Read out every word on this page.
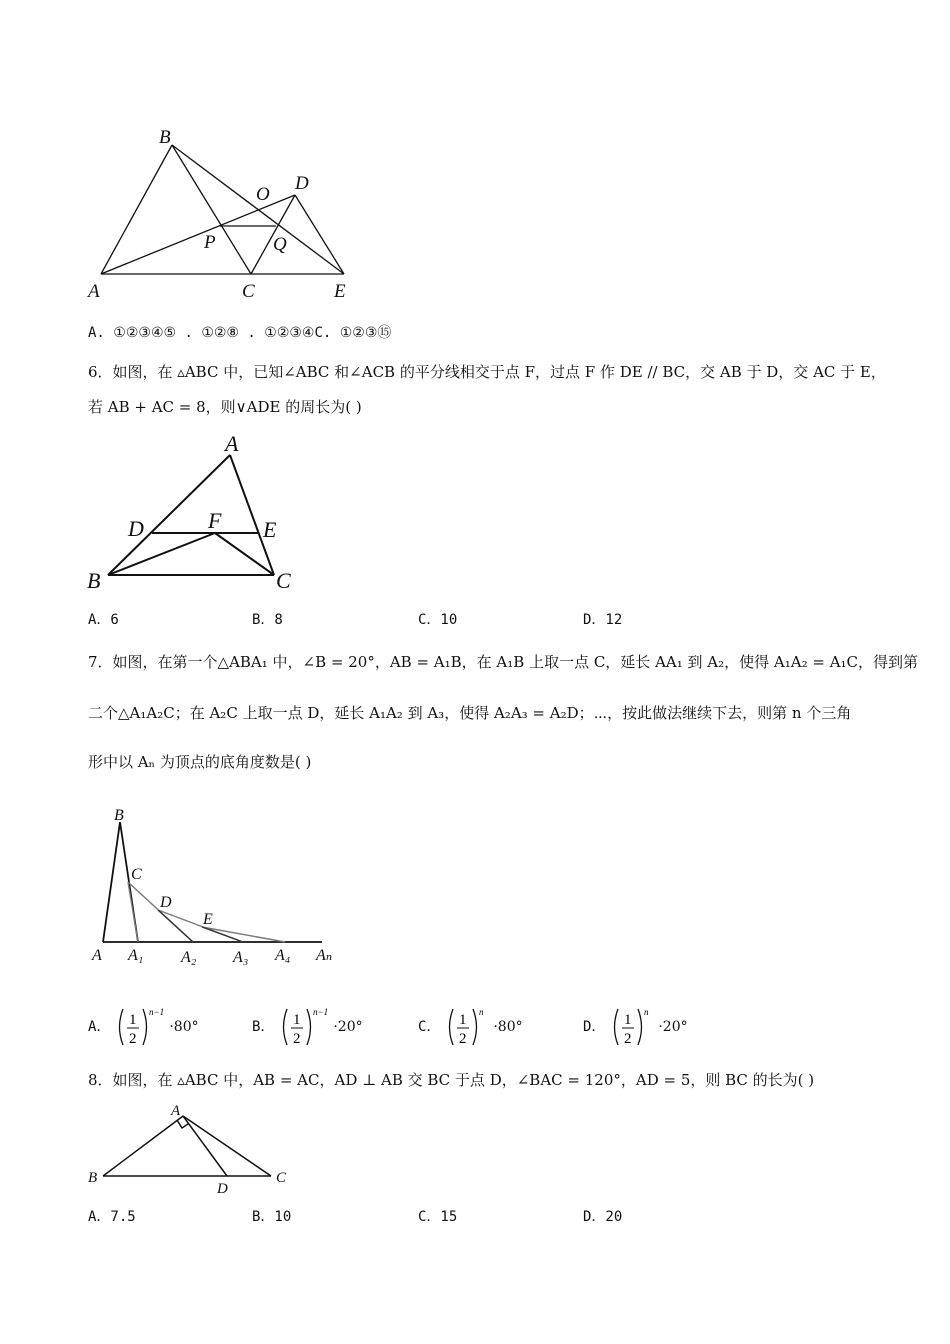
B
O
D
P	Q
A	C	E
A. ①②③④⑤ . ①②⑧ . ①②③④C. ①②③⑮
6．如图，在 ▵ABC 中，已知∠ABC 和∠ACB 的平分线相交于点 F，过点 F 作 DE // BC，交 AB 于 D，交 AC 于 E，
若 AB + AC = 8，则∨ADE 的周长为( )
A
D	F E
B	C
A．6	B．8	C．10	D．12
7．如图，在第一个△ABA₁ 中，∠B = 20°，AB = A₁B，在 A₁B 上取一点 C，延长 AA₁ 到 A₂，使得 A₁A₂ = A₁C，得到第
二个△A₁A₂C；在 A₂C 上取一点 D，延长 A₁A₂ 到 A₃，使得 A₂A₃ = A₂D；⋯，按此做法继续下去，则第 n 个三角
形中以 Aₙ 为顶点的底角度数是( )
B
C
D
E
A A₁ A₂ A₃ A₄ Aₙ
A． 1
2
n−1
·80°	B． 1
2
n−1
·20°	C． 1
2
n
·80°	D． 1
2
n
·20°
8．如图，在 ▵ABC 中，AB = AC，AD ⊥ AB 交 BC 于点 D，∠BAC = 120°，AD = 5，则 BC 的长为( )
A
B	C
D
A．7.5	B．10	C．15	D．20
